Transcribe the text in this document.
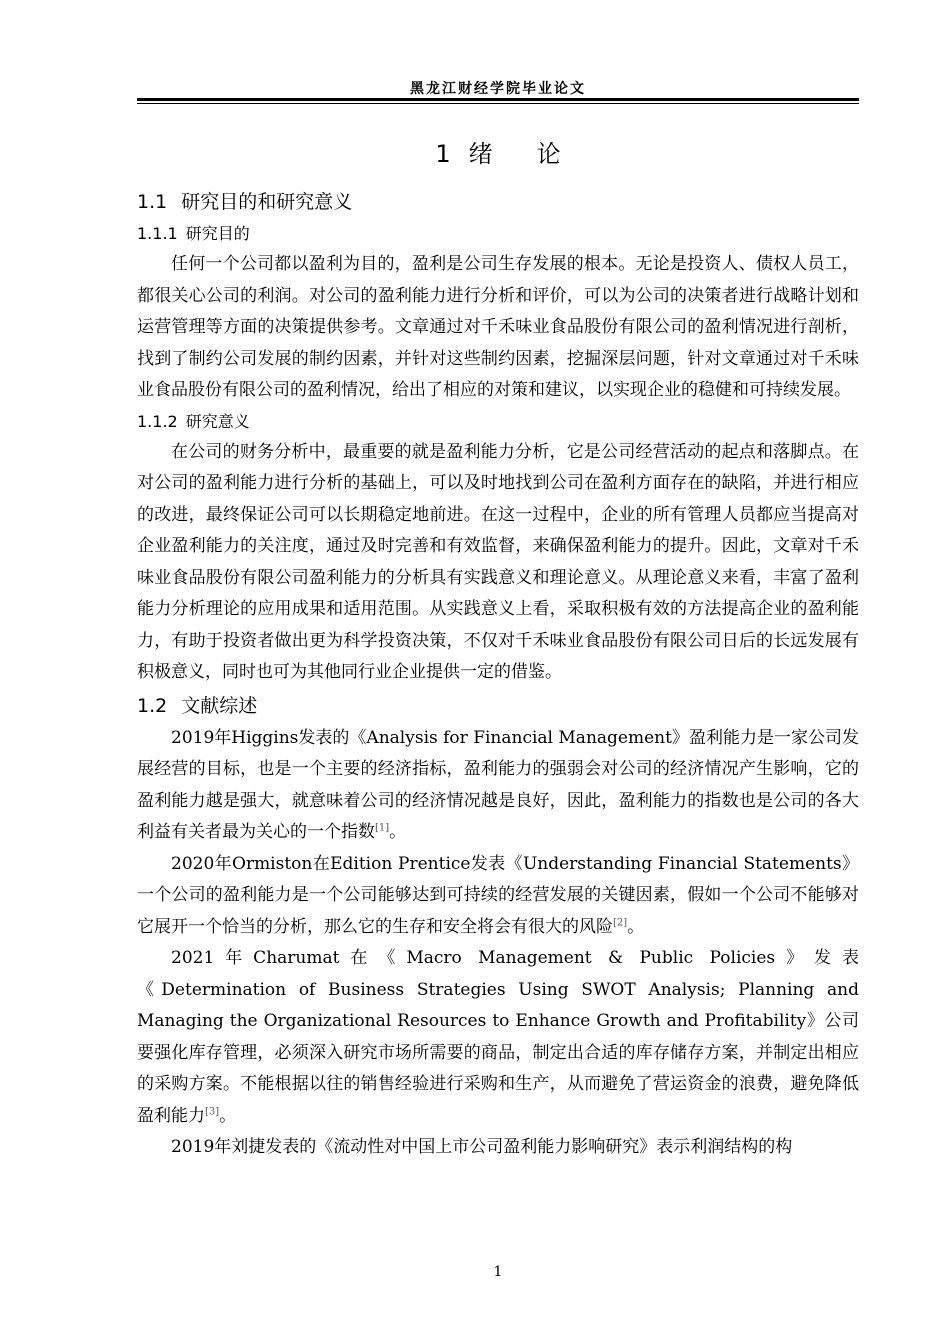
黑龙江财经学院毕业论文
1 绪 论
1.1 研究目的和研究意义
1.1.1 研究目的

任何一个公司都以盈利为目的，盈利是公司生存发展的根本。无论是投资人、债权人员工，都很关心公司的利润。对公司的盈利能力进行分析和评价，可以为公司的决策者进行战略计划和运营管理等方面的决策提供参考。文章通过对千禾味业食品股份有限公司的盈利情况进行剖析，找到了制约公司发展的制约因素，并针对这些制约因素，挖掘深层问题，针对文章通过对千禾味业食品股份有限公司的盈利情况，给出了相应的对策和建议，以实现企业的稳健和可持续发展。

1.1.2 研究意义

在公司的财务分析中，最重要的就是盈利能力分析，它是公司经营活动的起点和落脚点。在对公司的盈利能力进行分析的基础上，可以及时地找到公司在盈利方面存在的缺陷，并进行相应的改进，最终保证公司可以长期稳定地前进。在这一过程中，企业的所有管理人员都应当提高对企业盈利能力的关注度，通过及时完善和有效监督，来确保盈利能力的提升。因此，文章对千禾味业食品股份有限公司盈利能力的分析具有实践意义和理论意义。从理论意义来看，丰富了盈利能力分析理论的应用成果和适用范围。从实践意义上看，采取积极有效的方法提高企业的盈利能力，有助于投资者做出更为科学投资决策，不仅对千禾味业食品股份有限公司日后的长远发展有积极意义，同时也可为其他同行业企业提供一定的借鉴。

1.2 文献综述

2019年Higgins发表的《Analysis for Financial Management》盈利能力是一家公司发展经营的目标，也是一个主要的经济指标，盈利能力的强弱会对公司的经济情况产生影响，它的盈利能力越是强大，就意味着公司的经济情况越是良好，因此，盈利能力的指数也是公司的各大利益有关者最为关心的一个指数[1]。

2020年Ormiston在Edition Prentice发表《Understanding Financial Statements》一个公司的盈利能力是一个公司能够达到可持续的经营发展的关键因素，假如一个公司不能够对它展开一个恰当的分析，那么它的生存和安全将会有很大的风险[2]。

2021年Charumat在《Macro Management & Public Policies》发表《Determination of Business Strategies Using SWOT Analysis; Planning and Managing the Organizational Resources to Enhance Growth and Profitability》公司要强化库存管理，必须深入研究市场所需要的商品，制定出合适的库存储存方案，并制定出相应的采购方案。不能根据以往的销售经验进行采购和生产，从而避免了营运资金的浪费，避免降低盈利能力[3]。

2019年刘捷发表的《流动性对中国上市公司盈利能力影响研究》表示利润结构的构

1
